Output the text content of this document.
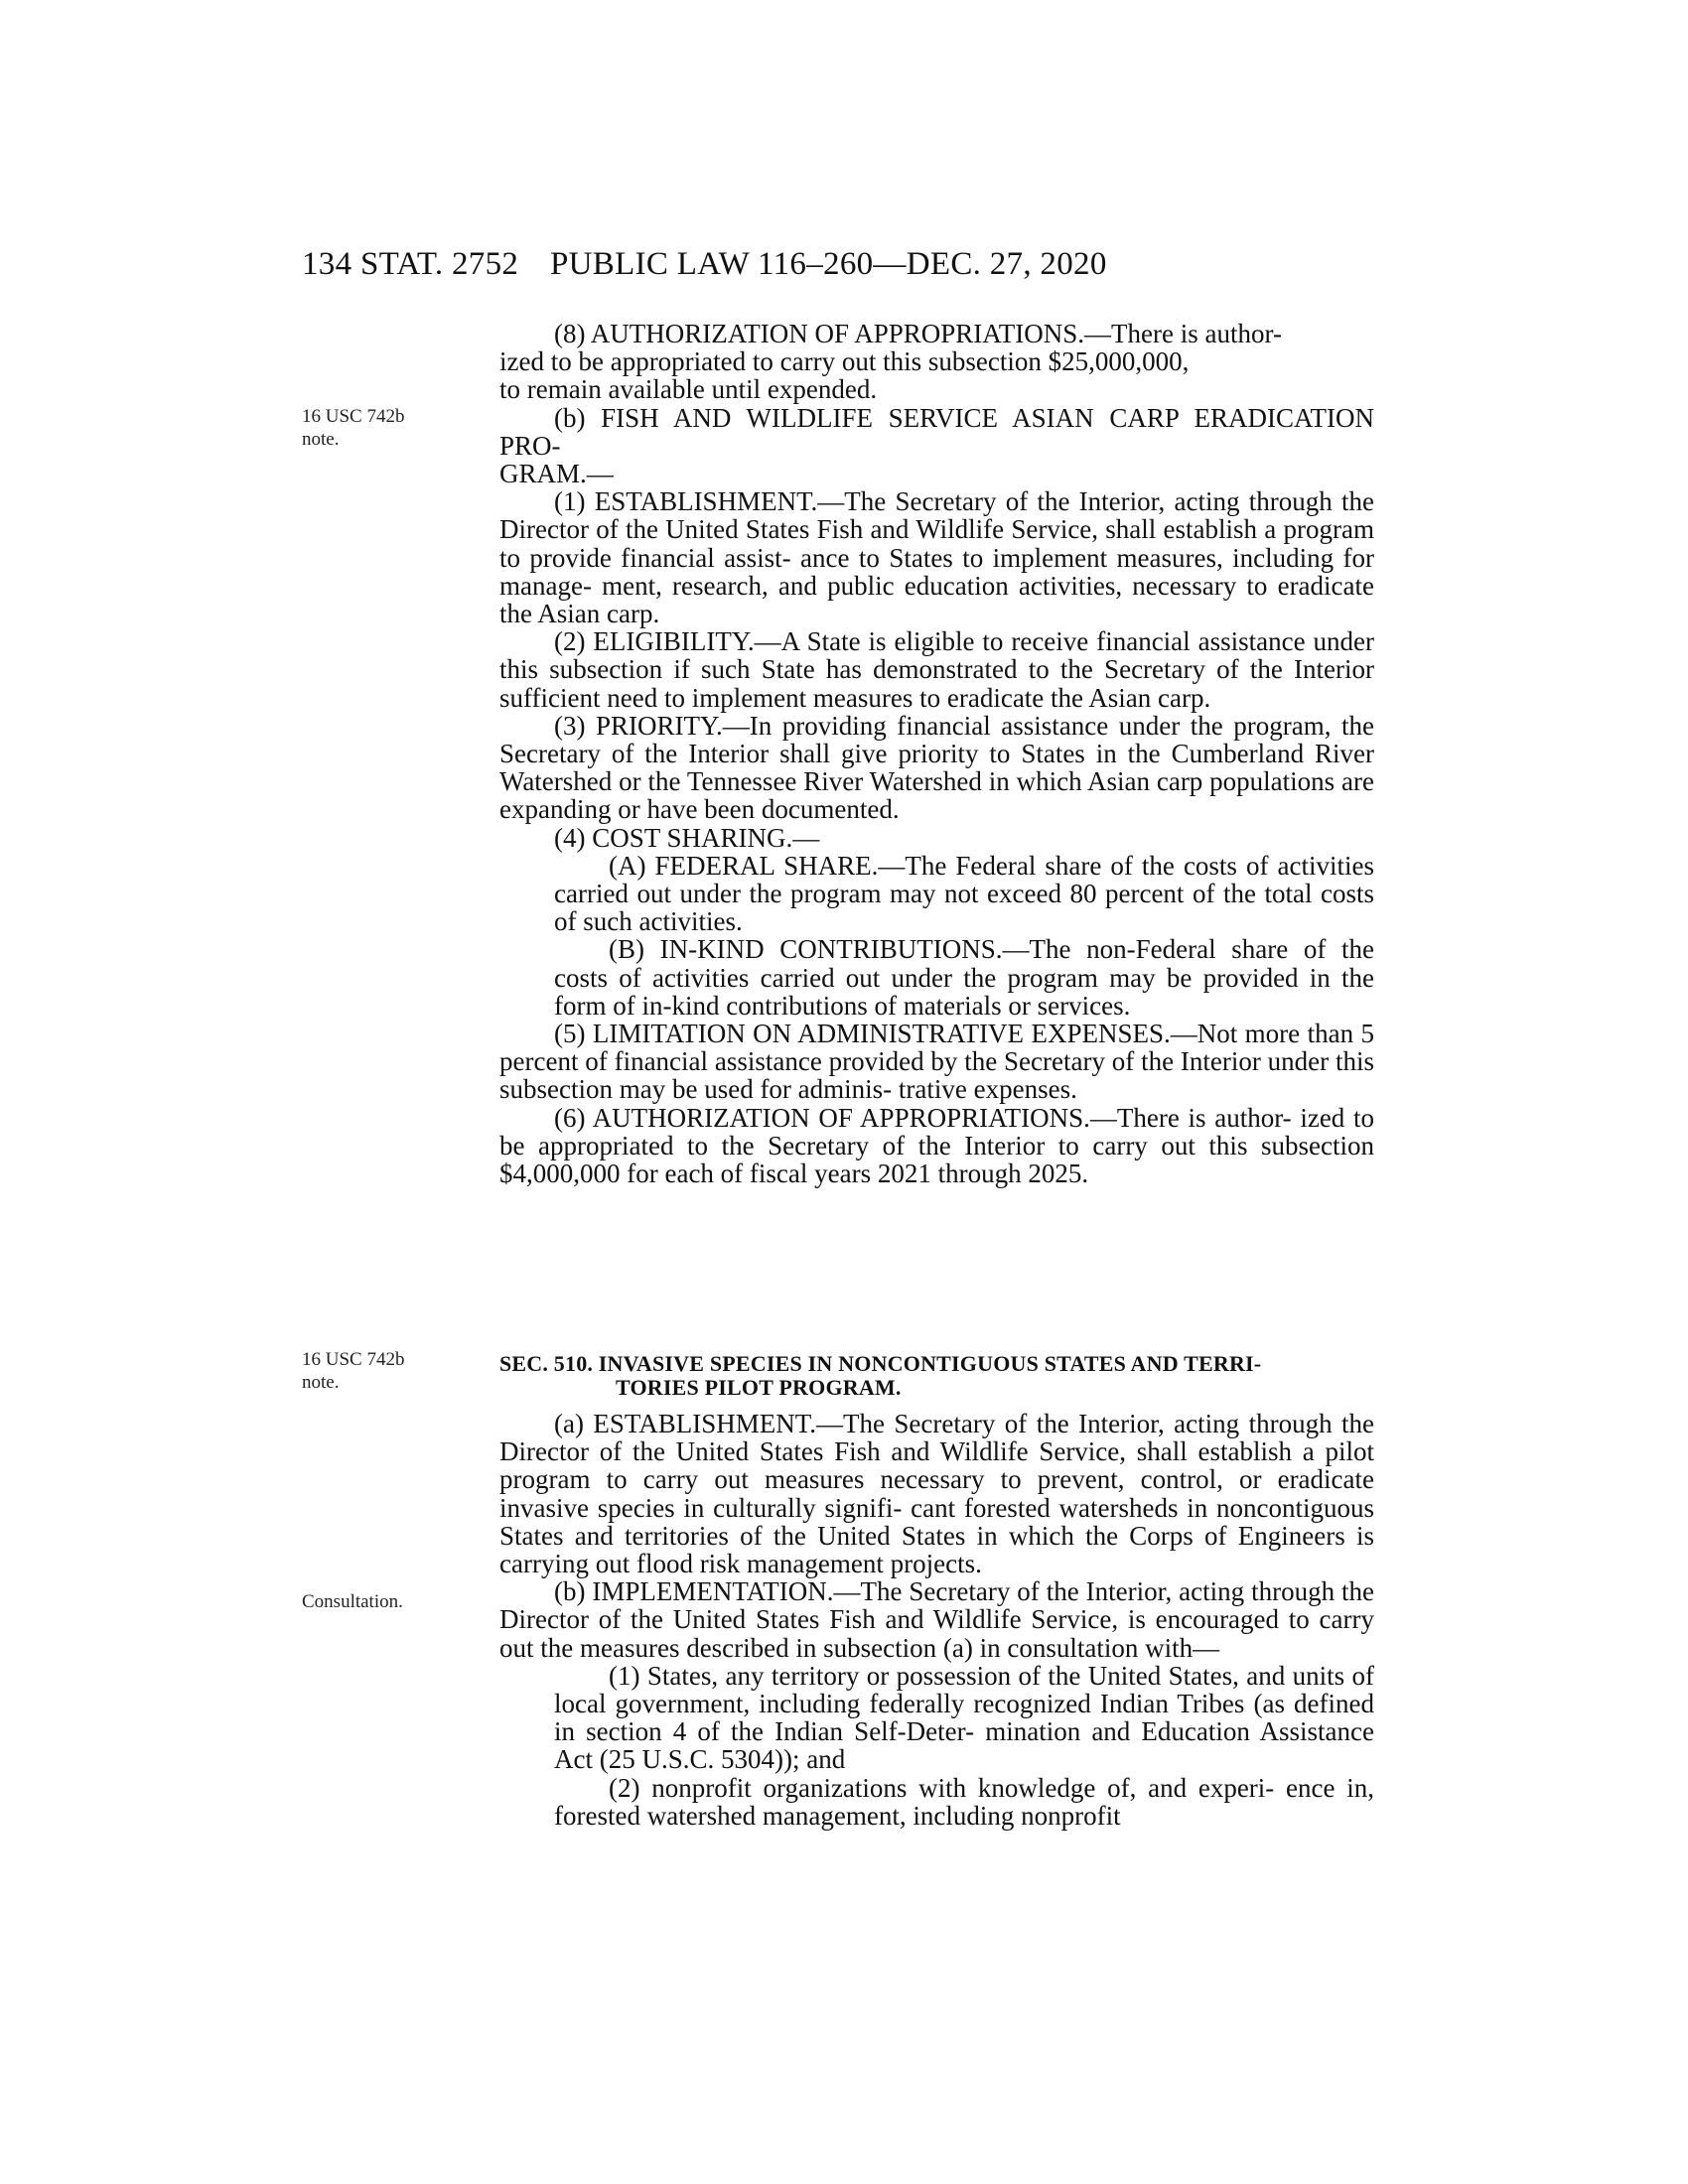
134 STAT. 2752 PUBLIC LAW 116–260—DEC. 27, 2020
16 USC 742b
note.
16 USC 742b
note.
Consultation.

(8) AUTHORIZATION OF APPROPRIATIONS.—There is author-

ized to be appropriated to carry out this subsection $25,000,000,

to remain available until expended.

(b) FISH AND WILDLIFE SERVICE ASIAN CARP ERADICATION PRO-

GRAM.—

(1) ESTABLISHMENT.—The Secretary of the Interior, acting through the Director of the United States Fish and Wildlife Service, shall establish a program to provide financial assist- ance to States to implement measures, including for manage- ment, research, and public education activities, necessary to eradicate the Asian carp.

(2) ELIGIBILITY.—A State is eligible to receive financial assistance under this subsection if such State has demonstrated to the Secretary of the Interior sufficient need to implement measures to eradicate the Asian carp.

(3) PRIORITY.—In providing financial assistance under the program, the Secretary of the Interior shall give priority to States in the Cumberland River Watershed or the Tennessee River Watershed in which Asian carp populations are expanding or have been documented.

(4) COST SHARING.—

(A) FEDERAL SHARE.—The Federal share of the costs of activities carried out under the program may not exceed 80 percent of the total costs of such activities.

(B) IN-KIND CONTRIBUTIONS.—The non-Federal share of the costs of activities carried out under the program may be provided in the form of in-kind contributions of materials or services.

(5) LIMITATION ON ADMINISTRATIVE EXPENSES.—Not more than 5 percent of financial assistance provided by the Secretary of the Interior under this subsection may be used for adminis- trative expenses.

(6) AUTHORIZATION OF APPROPRIATIONS.—There is author- ized to be appropriated to the Secretary of the Interior to carry out this subsection $4,000,000 for each of fiscal years 2021 through 2025.

SEC. 510. INVASIVE SPECIES IN NONCONTIGUOUS STATES AND TERRI-
TORIES PILOT PROGRAM.

(a) ESTABLISHMENT.—The Secretary of the Interior, acting through the Director of the United States Fish and Wildlife Service, shall establish a pilot program to carry out measures necessary to prevent, control, or eradicate invasive species in culturally signifi- cant forested watersheds in noncontiguous States and territories of the United States in which the Corps of Engineers is carrying out flood risk management projects.

(b) IMPLEMENTATION.—The Secretary of the Interior, acting through the Director of the United States Fish and Wildlife Service, is encouraged to carry out the measures described in subsection (a) in consultation with—

(1) States, any territory or possession of the United States, and units of local government, including federally recognized Indian Tribes (as defined in section 4 of the Indian Self-Deter- mination and Education Assistance Act (25 U.S.C. 5304)); and

(2) nonprofit organizations with knowledge of, and experi- ence in, forested watershed management, including nonprofit
